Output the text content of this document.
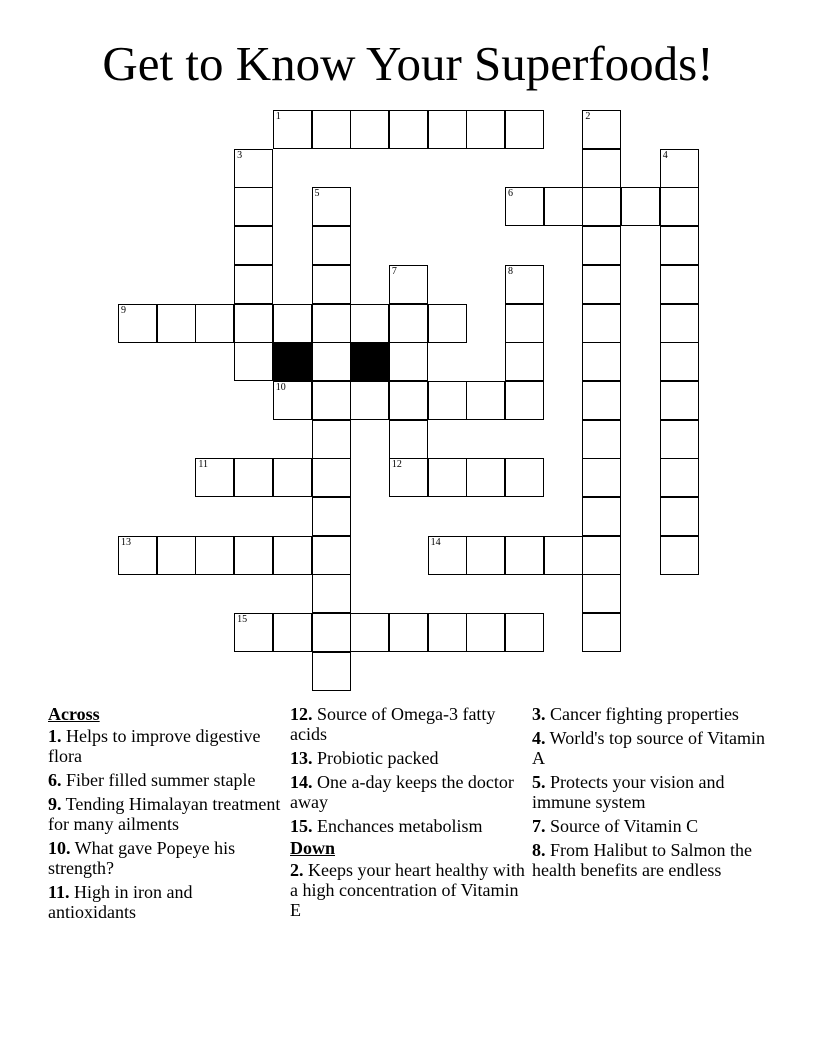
Get to Know Your Superfoods!
1	2
3	4
5	6
7	8
9
10
11	12
13	14
15
Across
1. Helps to improve digestive flora
6. Fiber filled summer staple
9. Tending Himalayan treatment for many ailments
10. What gave Popeye his strength?
11. High in iron and antioxidants
12. Source of Omega-3 fatty acids
13. Probiotic packed
14. One a-day keeps the doctor away
15. Enchances metabolism
Down
2. Keeps your heart healthy with a high concentration of Vitamin E
3. Cancer fighting properties
4. World's top source of Vitamin A
5. Protects your vision and immune system
7. Source of Vitamin C
8. From Halibut to Salmon the health benefits are endless
